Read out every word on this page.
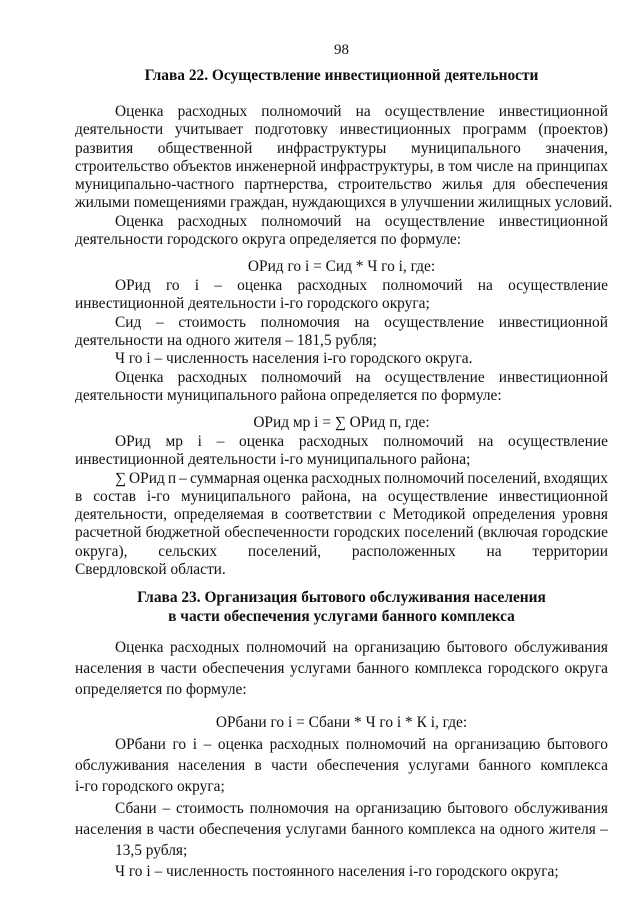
98
Глава 22. Осуществление инвестиционной деятельности
Оценка расходных полномочий на осуществление инвестиционной
деятельности учитывает подготовку инвестиционных программ (проектов)
развития общественной инфраструктуры муниципального значения,
строительство объектов инженерной инфраструктуры, в том числе на принципах
муниципально-частного партнерства, строительство жилья для обеспечения
жилыми помещениями граждан, нуждающихся в улучшении жилищных условий.
Оценка расходных полномочий на осуществление инвестиционной
деятельности городского округа определяется по формуле:
ОРид го i = Сид * Ч го i, где:
ОРид го i – оценка расходных полномочий на осуществление
инвестиционной деятельности i-го городского округа;
Сид – стоимость полномочия на осуществление инвестиционной
деятельности на одного жителя – 181,5 рубля;
Ч го i – численность населения i-го городского округа.
Оценка расходных полномочий на осуществление инвестиционной
деятельности муниципального района определяется по формуле:
ОРид мр i = ∑ ОРид п, где:
ОРид мр i – оценка расходных полномочий на осуществление
инвестиционной деятельности i-го муниципального района;
∑ ОРид п – суммарная оценка расходных полномочий поселений, входящих
в состав i-го муниципального района, на осуществление инвестиционной
деятельности, определяемая в соответствии с Методикой определения уровня
расчетной бюджетной обеспеченности городских поселений (включая городские
округа), сельских поселений, расположенных на территории
Свердловской области.
Глава 23. Организация бытового обслуживания населения
в части обеспечения услугами банного комплекса
Оценка расходных полномочий на организацию бытового обслуживания
населения в части обеспечения услугами банного комплекса городского округа
определяется по формуле:
ОРбани го i = Сбани * Ч го i * К i, где:
ОРбани го i – оценка расходных полномочий на организацию бытового
обслуживания населения в части обеспечения услугами банного комплекса
i-го городского округа;
Сбани – стоимость полномочия на организацию бытового обслуживания
населения в части обеспечения услугами банного комплекса на одного жителя –
13,5 рубля;
Ч го i – численность постоянного населения i-го городского округа;
